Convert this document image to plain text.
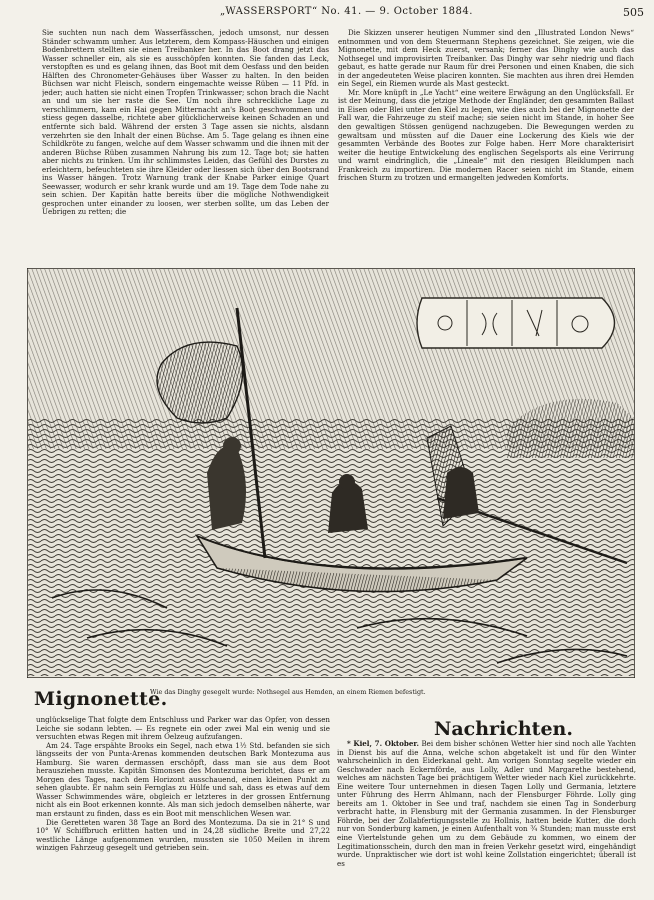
„WASSERSPORT“ No. 41. — 9. October 1884.	505

Sie suchten nun nach dem Wasserfässchen, jedoch umsonst, nur dessen Ständer schwamm umher. Aus letzterem, dem Kompass-Häuschen und einigen Bodenbrettern stellten sie einen Treibanker her. In das Boot drang jetzt das Wasser schneller ein, als sie es ausschöpfen konnten. Sie fanden das Leck, verstopften es und es gelang ihnen, das Boot mit dem Oesfass und den beiden Hälften des Chronometer-Gehäuses über Wasser zu halten. In den beiden Büchsen war nicht Fleisch, sondern eingemachte weisse Rüben — 11 Pfd. in jeder; auch hatten sie nicht einen Tropfen Trinkwasser; schon brach die Nacht an und um sie her raste die See. Um noch ihre schreckliche Lage zu verschlimmern, kam ein Hai gegen Mitternacht an's Boot geschwommen und stiess gegen dasselbe, richtete aber glücklicherweise keinen Schaden an und entfernte sich bald. Während der ersten 3 Tage assen sie nichts, alsdann verzehrten sie den Inhalt der einen Büchse. Am 5. Tage gelang es ihnen eine Schildkröte zu fangen, welche auf dem Wasser schwamm und die ihnen mit der anderen Büchse Rüben zusammen Nahrung bis zum 12. Tage bot; sie hatten aber nichts zu trinken. Um ihr schlimmstes Leiden, das Gefühl des Durstes zu erleichtern, befeuchteten sie ihre Kleider oder liessen sich über den Bootsrand ins Wasser hängen. Trotz Warnung trank der Knabe Parker einige Quart Seewasser, wodurch er sehr krank wurde und am 19. Tage dem Tode nahe zu sein schien. Der Kapitän hatte bereits über die mögliche Nothwendigkeit gesprochen unter einander zu loosen, wer sterben sollte, um das Leben der Uebrigen zu retten; die

Die Skizzen unserer heutigen Nummer sind den „Illustrated London News“ entnommen und von dem Steuermann Stephens gezeichnet. Sie zeigen, wie die Mignonette, mit dem Heck zuerst, versank; ferner das Dinghy wie auch das Nothsegel und improvisirten Treibanker. Das Dinghy war sehr niedrig und flach gebaut, es hatte gerade nur Raum für drei Personen und einen Knaben, die sich in der angedeuteten Weise placiren konnten. Sie machten aus ihren drei Hemden ein Segel, ein Riemen wurde als Mast gesteckt.

Mr. More knüpft in „Le Yacht“ eine weitere Erwägung an den Unglücksfall. Er ist der Meinung, dass die jetzige Methode der Engländer, den gesammten Ballast in Eisen oder Blei unter den Kiel zu legen, wie dies auch bei der Mignonette der Fall war, die Fahrzeuge zu steif mache; sie seien nicht im Stande, in hoher See den gewaltigen Stössen genügend nachzugeben. Die Bewegungen werden zu gewaltsam und müssten auf die Dauer eine Lockerung des Kiels wie der gesammten Verbände des Bootes zur Folge haben. Herr More charakterisirt weiter die heutige Entwickelung des englischen Segelsports als eine Verirrung und warnt eindringlich, die „Lineale“ mit den riesigen Bleiklumpen nach Frankreich zu importiren. Die modernen Racer seien nicht im Stande, einem frischen Sturm zu trotzen und ermangelten jedweden Komforts.

Wie das Dinghy gesegelt wurde: Nothsegel aus Hemden, an einem Riemen befestigt.
Mignonette.

unglückselige That folgte dem Entschluss und Parker war das Opfer, von dessen Leiche sie sodann lebten. — Es regnete ein oder zwei Mal ein wenig und sie versuchten etwas Regen mit ihrem Oelzeug aufzufangen.

Am 24. Tage erspähte Brooks ein Segel, nach etwa 1½ Std. befanden sie sich längsseits der von Punta-Arenas kommenden deutschen Bark Montezuma aus Hamburg. Sie waren dermassen erschöpft, dass man sie aus dem Boot herausziehen musste. Kapitän Simonsen des Montezuma berichtet, dass er am Morgen des Tages, nach dem Horizont ausschauend, einen kleinen Punkt zu sehen glaubte. Er nahm sein Fernglas zu Hülfe und sah, dass es etwas auf dem Wasser Schwimmendes wäre, obgleich er letzteres in der grossen Entfernung nicht als ein Boot erkennen konnte. Als man sich jedoch demselben näherte, war man erstaunt zu finden, dass es ein Boot mit menschlichen Wesen war.

Die Geretteten waren 38 Tage an Bord des Montezuma. Da sie in 21° S und 10° W Schiffbruch erlitten hatten und in 24,28 südliche Breite und 27,22 westliche Länge aufgenommen wurden, mussten sie 1050 Meilen in ihrem winzigen Fahrzeug gesegelt und getrieben sein.

Nachrichten.

* Kiel, 7. Oktober. Bei dem bisher schönen Wetter hier sind noch alle Yachten in Dienst bis auf die Anna, welche schon abgetakelt ist und für den Winter wahrscheinlich in den Eiderkanal geht. Am vorigen Sonntag segelte wieder ein Geschwader nach Eckernförde, aus Lolly, Adler und Margarethe bestehend, welches am nächsten Tage bei prächtigem Wetter wieder nach Kiel zurückkehrte. Eine weitere Tour unternehmen in diesen Tagen Lolly und Germania, letztere unter Führung des Herrn Ahlmann, nach der Flensburger Föhrde. Lolly ging bereits am 1. Oktober in See und traf, nachdem sie einen Tag in Sonderburg verbracht hatte, in Flensburg mit der Germania zusammen. In der Flensburger Föhrde, bei der Zollabfertigungsstelle zu Hollnis, hatten beide Kutter, die doch nur von Sonderburg kamen, je einen Aufenthalt von ¾ Stunden; man musste erst eine Viertelstunde gehen um zu dem Gebäude zu kommen, wo einem der Legitimationsschein, durch den man in freien Verkehr gesetzt wird, eingehändigt wurde. Unpraktischer wie dort ist wohl keine Zollstation eingerichtet; überall ist es
